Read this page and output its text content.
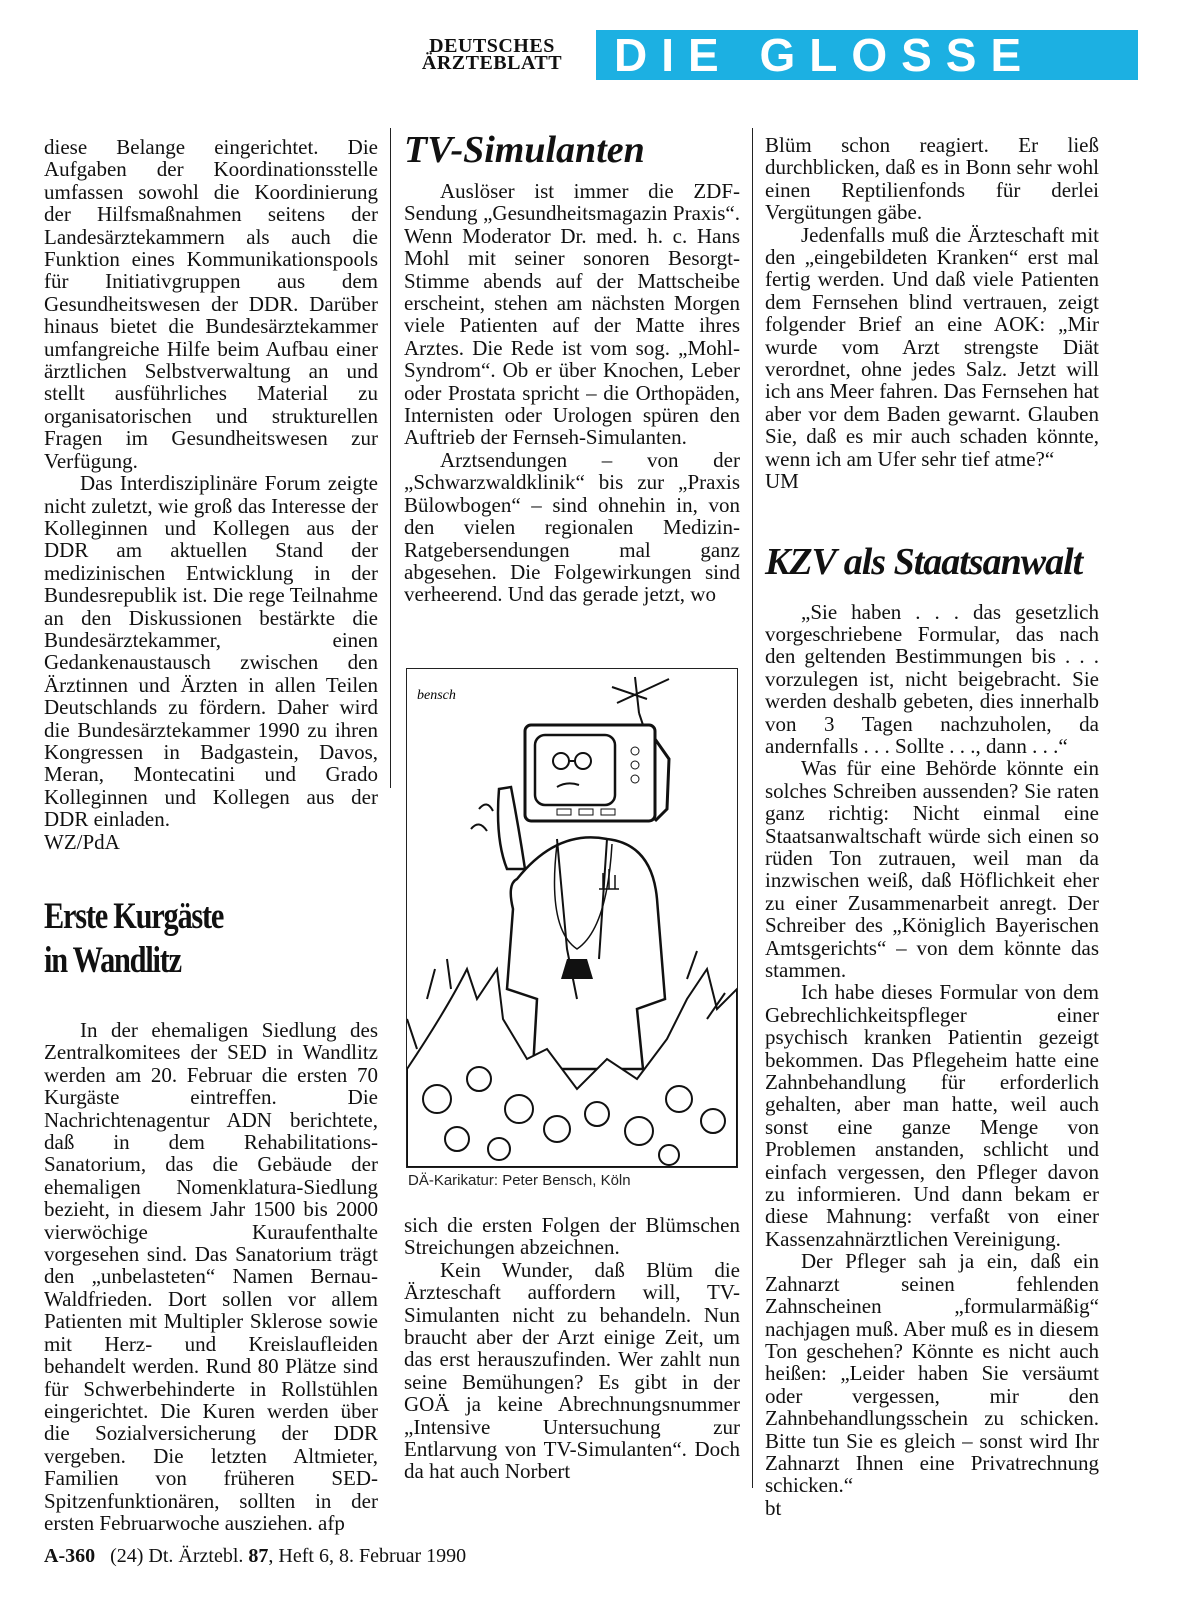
DEUTSCHES
ÄRZTEBLATT	DIE GLOSSE

diese Belange eingerichtet. Die Aufgaben der Koordinationsstelle umfassen sowohl die Koordinierung der Hilfsmaßnahmen seitens der Landesärztekammern als auch die Funktion eines Kommunikationspools für Initiativgruppen aus dem Gesundheitswesen der DDR. Darüber hinaus bietet die Bundesärztekammer umfangreiche Hilfe beim Aufbau einer ärztlichen Selbstverwaltung an und stellt ausführliches Material zu organisatorischen und strukturellen Fragen im Gesundheitswesen zur Verfügung.

Das Interdisziplinäre Forum zeigte nicht zuletzt, wie groß das Interesse der Kolleginnen und Kollegen aus der DDR am aktuellen Stand der medizinischen Entwicklung in der Bundesrepublik ist. Die rege Teilnahme an den Diskussionen bestärkte die Bundesärztekammer, einen Gedankenaustausch zwischen den Ärztinnen und Ärzten in allen Teilen Deutschlands zu fördern. Daher wird die Bundesärztekammer 1990 zu ihren Kongressen in Badgastein, Davos, Meran, Montecatini und Grado Kolleginnen und Kollegen aus der DDR einladen.

WZ/PdA

Erste Kurgäste
in Wandlitz

In der ehemaligen Siedlung des Zentralkomitees der SED in Wandlitz werden am 20. Februar die ersten 70 Kurgäste eintreffen. Die Nachrichtenagentur ADN berichtete, daß in dem Rehabilitations-Sanatorium, das die Gebäude der ehemaligen Nomenklatura-Siedlung bezieht, in diesem Jahr 1500 bis 2000 vierwöchige Kuraufenthalte vorgesehen sind. Das Sanatorium trägt den „unbelasteten“ Namen Bernau-Waldfrieden. Dort sollen vor allem Patienten mit Multipler Sklerose sowie mit Herz- und Kreislaufleiden behandelt werden. Rund 80 Plätze sind für Schwerbehinderte in Rollstühlen eingerichtet. Die Kuren werden über die Sozialversicherung der DDR vergeben. Die letzten Altmieter, Familien von früheren SED-Spitzenfunktionären, sollten in der ersten Februarwoche ausziehen. afp

TV-Simulanten

Auslöser ist immer die ZDF-Sendung „Gesundheitsmagazin Praxis“. Wenn Moderator Dr. med. h. c. Hans Mohl mit seiner sonoren Besorgt-Stimme abends auf der Mattscheibe erscheint, stehen am nächsten Morgen viele Patienten auf der Matte ihres Arztes. Die Rede ist vom sog. „Mohl-Syndrom“. Ob er über Knochen, Leber oder Prostata spricht – die Orthopäden, Internisten oder Urologen spüren den Auftrieb der Fernseh-Simulanten.

Arztsendungen – von der „Schwarzwaldklinik“ bis zur „Praxis Bülowbogen“ – sind ohnehin in, von den vielen regionalen Medizin-Ratgebersendungen mal ganz abgesehen. Die Folgewirkungen sind verheerend. Und das gerade jetzt, wo

bensch
DÄ-Karikatur: Peter Bensch, Köln

sich die ersten Folgen der Blümschen Streichungen abzeichnen.

Kein Wunder, daß Blüm die Ärzteschaft auffordern will, TV-Simulanten nicht zu behandeln. Nun braucht aber der Arzt einige Zeit, um das erst herauszufinden. Wer zahlt nun seine Bemühungen? Es gibt in der GOÄ ja keine Abrechnungsnummer „Intensive Untersuchung zur Entlarvung von TV-Simulanten“. Doch da hat auch Norbert

Blüm schon reagiert. Er ließ durchblicken, daß es in Bonn sehr wohl einen Reptilienfonds für derlei Vergütungen gäbe.

Jedenfalls muß die Ärzteschaft mit den „eingebildeten Kranken“ erst mal fertig werden. Und daß viele Patienten dem Fernsehen blind vertrauen, zeigt folgender Brief an eine AOK: „Mir wurde vom Arzt strengste Diät verordnet, ohne jedes Salz. Jetzt will ich ans Meer fahren. Das Fernsehen hat aber vor dem Baden gewarnt. Glauben Sie, daß es mir auch schaden könnte, wenn ich am Ufer sehr tief atme?“

UM

KZV als Staatsanwalt

„Sie haben . . . das gesetzlich vorgeschriebene Formular, das nach den geltenden Bestimmungen bis . . . vorzulegen ist, nicht beigebracht. Sie werden deshalb gebeten, dies innerhalb von 3 Tagen nachzuholen, da andernfalls . . . Sollte . . ., dann . . .“

Was für eine Behörde könnte ein solches Schreiben aussenden? Sie raten ganz richtig: Nicht einmal eine Staatsanwaltschaft würde sich einen so rüden Ton zutrauen, weil man da inzwischen weiß, daß Höflichkeit eher zu einer Zusammenarbeit anregt. Der Schreiber des „Königlich Bayerischen Amtsgerichts“ – von dem könnte das stammen.

Ich habe dieses Formular von dem Gebrechlichkeitspfleger einer psychisch kranken Patientin gezeigt bekommen. Das Pflegeheim hatte eine Zahnbehandlung für erforderlich gehalten, aber man hatte, weil auch sonst eine ganze Menge von Problemen anstanden, schlicht und einfach vergessen, den Pfleger davon zu informieren. Und dann bekam er diese Mahnung: verfaßt von einer Kassenzahnärztlichen Vereinigung.

Der Pfleger sah ja ein, daß ein Zahnarzt seinen fehlenden Zahnscheinen „formularmäßig“ nachjagen muß. Aber muß es in diesem Ton geschehen? Könnte es nicht auch heißen: „Leider haben Sie versäumt oder vergessen, mir den Zahnbehandlungsschein zu schicken. Bitte tun Sie es gleich – sonst wird Ihr Zahnarzt Ihnen eine Privatrechnung schicken.“

bt

A-360 (24) Dt. Ärztebl. 87, Heft 6, 8. Februar 1990
